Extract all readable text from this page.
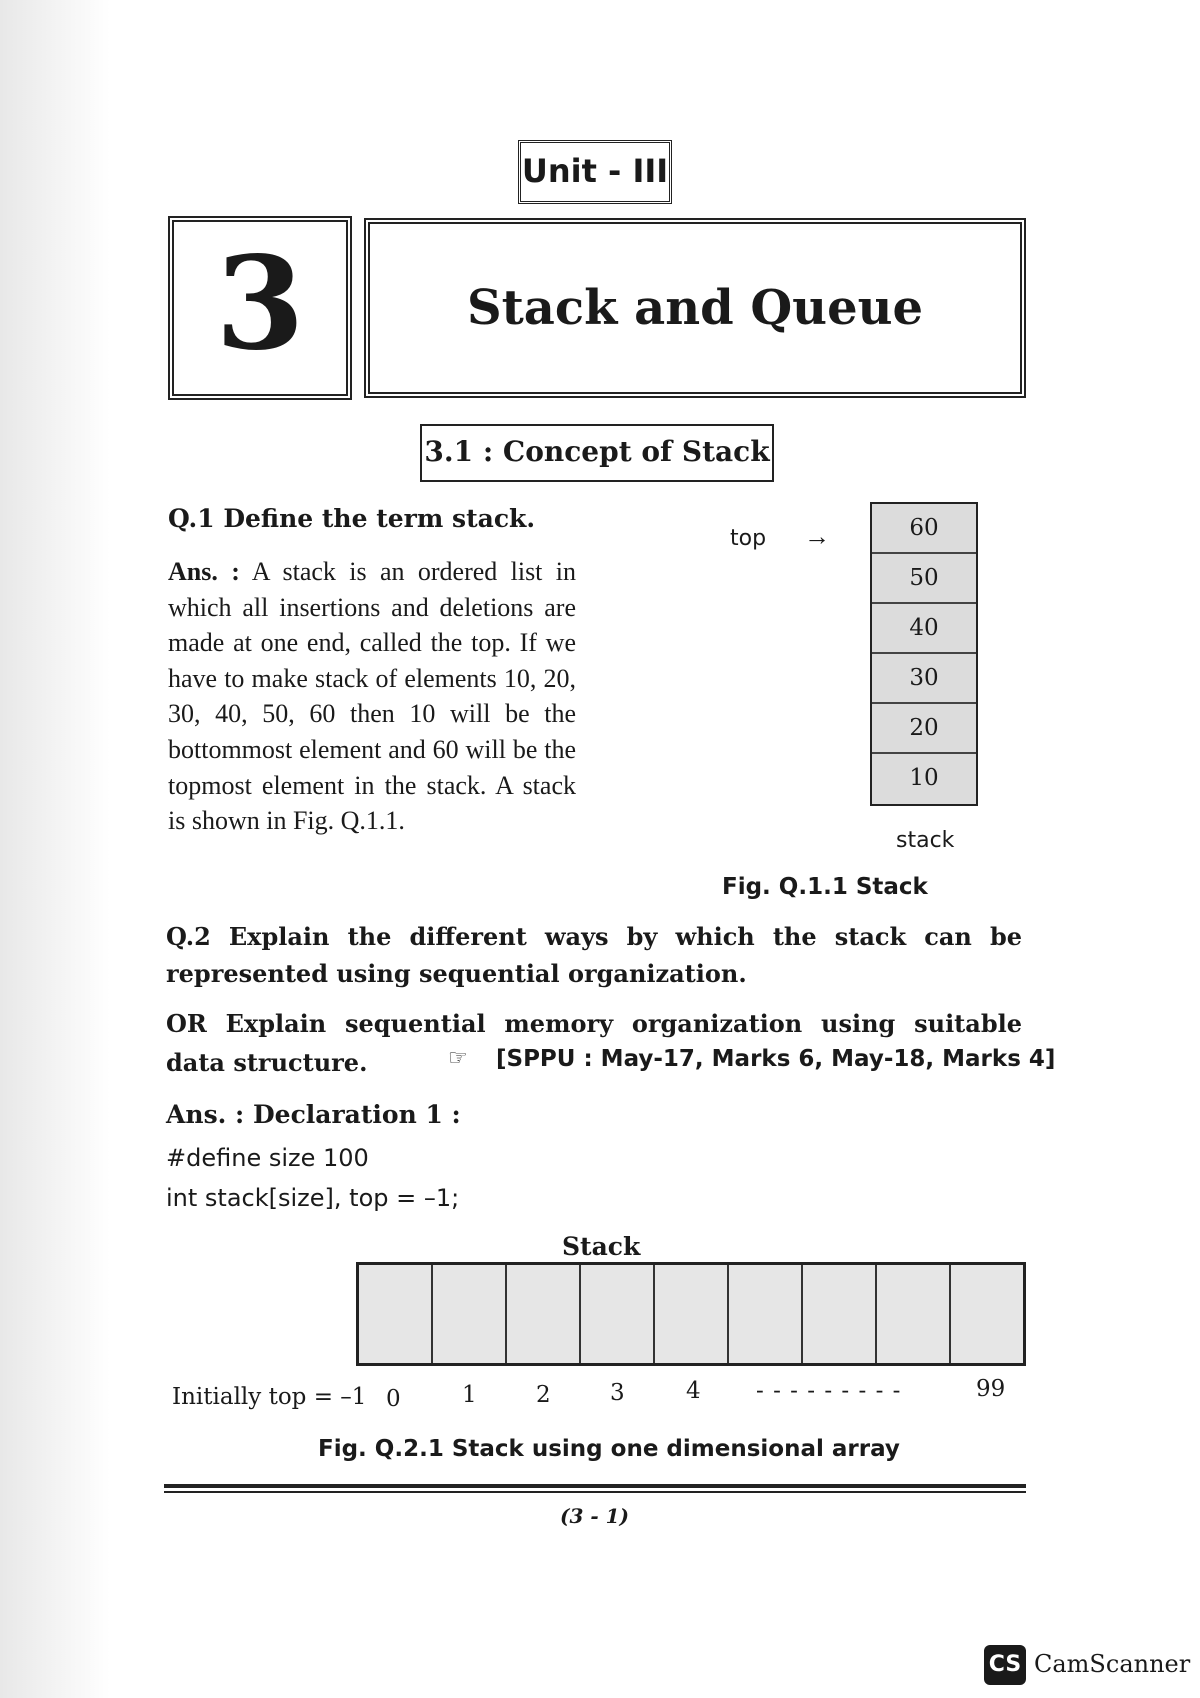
Unit - III
3	Stack and Queue
3.1 : Concept of Stack
Q.1 Define the term stack.
Ans. : A stack is an ordered list in which all insertions and deletions are made at one end, called the top. If we have to make stack of elements 10, 20, 30, 40, 50, 60 then 10 will be the bottommost element and 60 will be the topmost element in the stack. A stack is shown in Fig. Q.1.1.
top →	60
50
40
30
20
10
stack
Fig. Q.1.1 Stack
Q.2 Explain the different ways by which the stack can be represented using sequential organization.
OR Explain sequential memory organization using suitable data structure.	☞ [SPPU : May-17, Marks 6, May-18, Marks 4]
Ans. : Declaration 1 :
#define size 100
int stack[size], top = –1;
Stack
Initially top = –1 0	1	2	3	4 - - - - - - - - -	99
Fig. Q.2.1 Stack using one dimensional array
(3 - 1)
CS CamScanner
